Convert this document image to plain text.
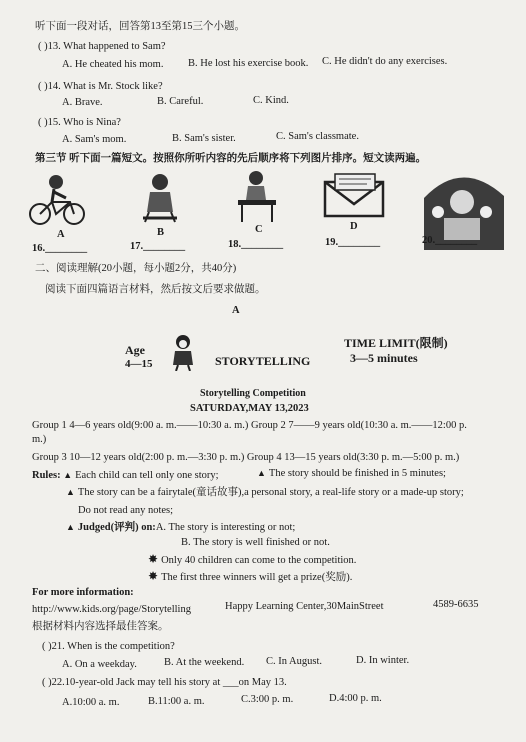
听下面一段对话，回答第13至第15三个小题。
( )13. What happened to Sam?
A. He cheated his mom. B. He lost his exercise book. C. He didn't do any exercises.
( )14. What is Mr. Stock like?
A. Brave.	B. Careful.	C. Kind.
( )15. Who is Nina?
A. Sam's mom.	B. Sam's sister.	C. Sam's classmate.
第三节 听下面一篇短文。按照你所听内容的先后顺序将下列图片排序。短文读两遍。
A	B	C	D
16.________	17.________	18.________	19.________	20.________
二、阅读理解(20小题，每小题2分，共40分)
阅读下面四篇语言材料，然后按文后要求做题。
A
Age
4—15	STORYTELLING
TIME LIMIT(限制)
3—5 minutes
Storytelling Competition
SATURDAY,MAY 13,2023
Group 1 4—6 years old(9:00 a. m.——10:30 a. m.) Group 2 7——9 years old(10:30 a. m.——12:00 p.
m.)
Group 3 10—12 years old(2:00 p. m.—3:30 p. m.) Group 4 13—15 years old(3:30 p. m.—5:00 p. m.)
Rules: ▲ Each child can tell only one story;	▲ The story should be finished in 5 minutes;
▲ The story can be a fairytale(童话故事),a personal story, a real-life story or a made-up story;
Do not read any notes;
▲ Judged(评判) on:A. The story is interesting or not;
B. The story is well finished or not.
✸ Only 40 children can come to the competition.
✸ The first three winners will get a prize(奖励).
For more information:
http://www.kids.org/page/Storytelling	Happy Learning Center,30MainStreet	4589-6635
根据材料内容选择最佳答案。
( )21. When is the competition?
A. On a weekday.	B. At the weekend. C. In August.	D. In winter.
( )22.10-year-old Jack may tell his story at ___on May 13.
A.10:00 a. m.	B.11:00 a. m.	C.3:00 p. m.	D.4:00 p. m.
